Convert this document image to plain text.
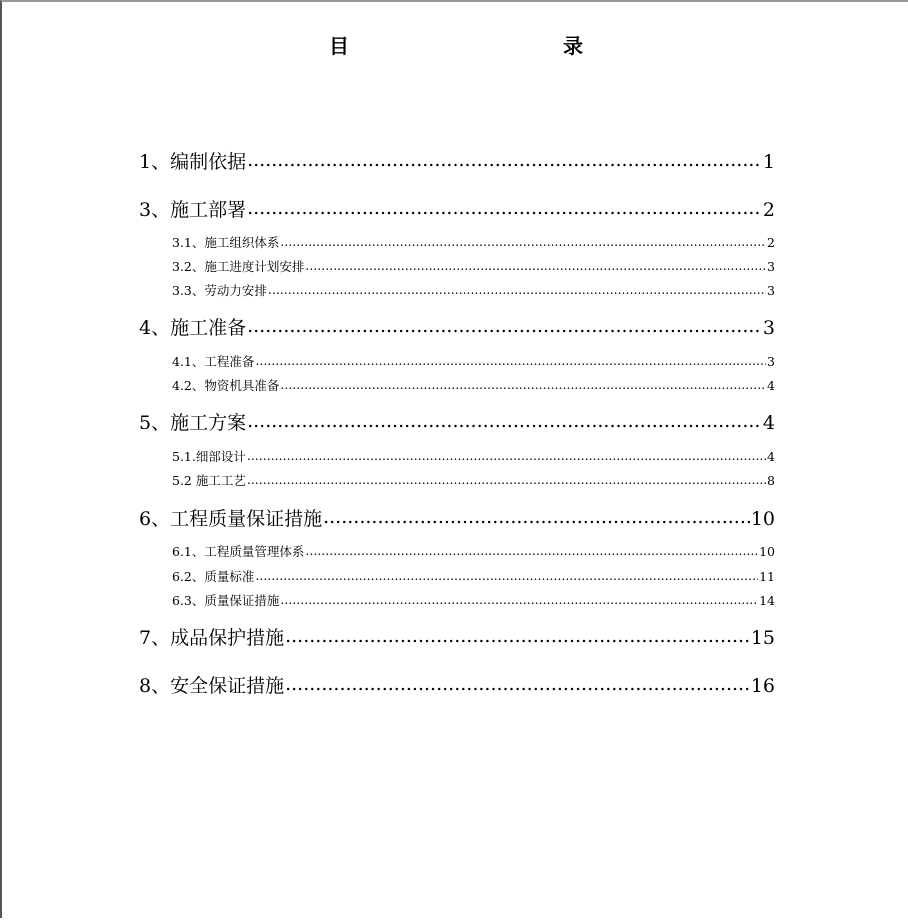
目　　录
1、编制依据 .....	1
3、施工部署 .....	2
3.1、施工组织体系 .....	2
3.2、施工进度计划安排 .....	3
3.3、劳动力安排 .....	3
4、施工准备 .....	3
4.1、工程准备 .....	3
4.2、物资机具准备 .....	4
5、施工方案 .....	4
5.1.细部设计 .....	4
5.2 施工工艺 .....	8
6、工程质量保证措施 .....	10
6.1、工程质量管理体系 .....	10
6.2、质量标准 .....	11
6.3、质量保证措施 .....	14
7、成品保护措施 .....	15
8、安全保证措施 .....	16
